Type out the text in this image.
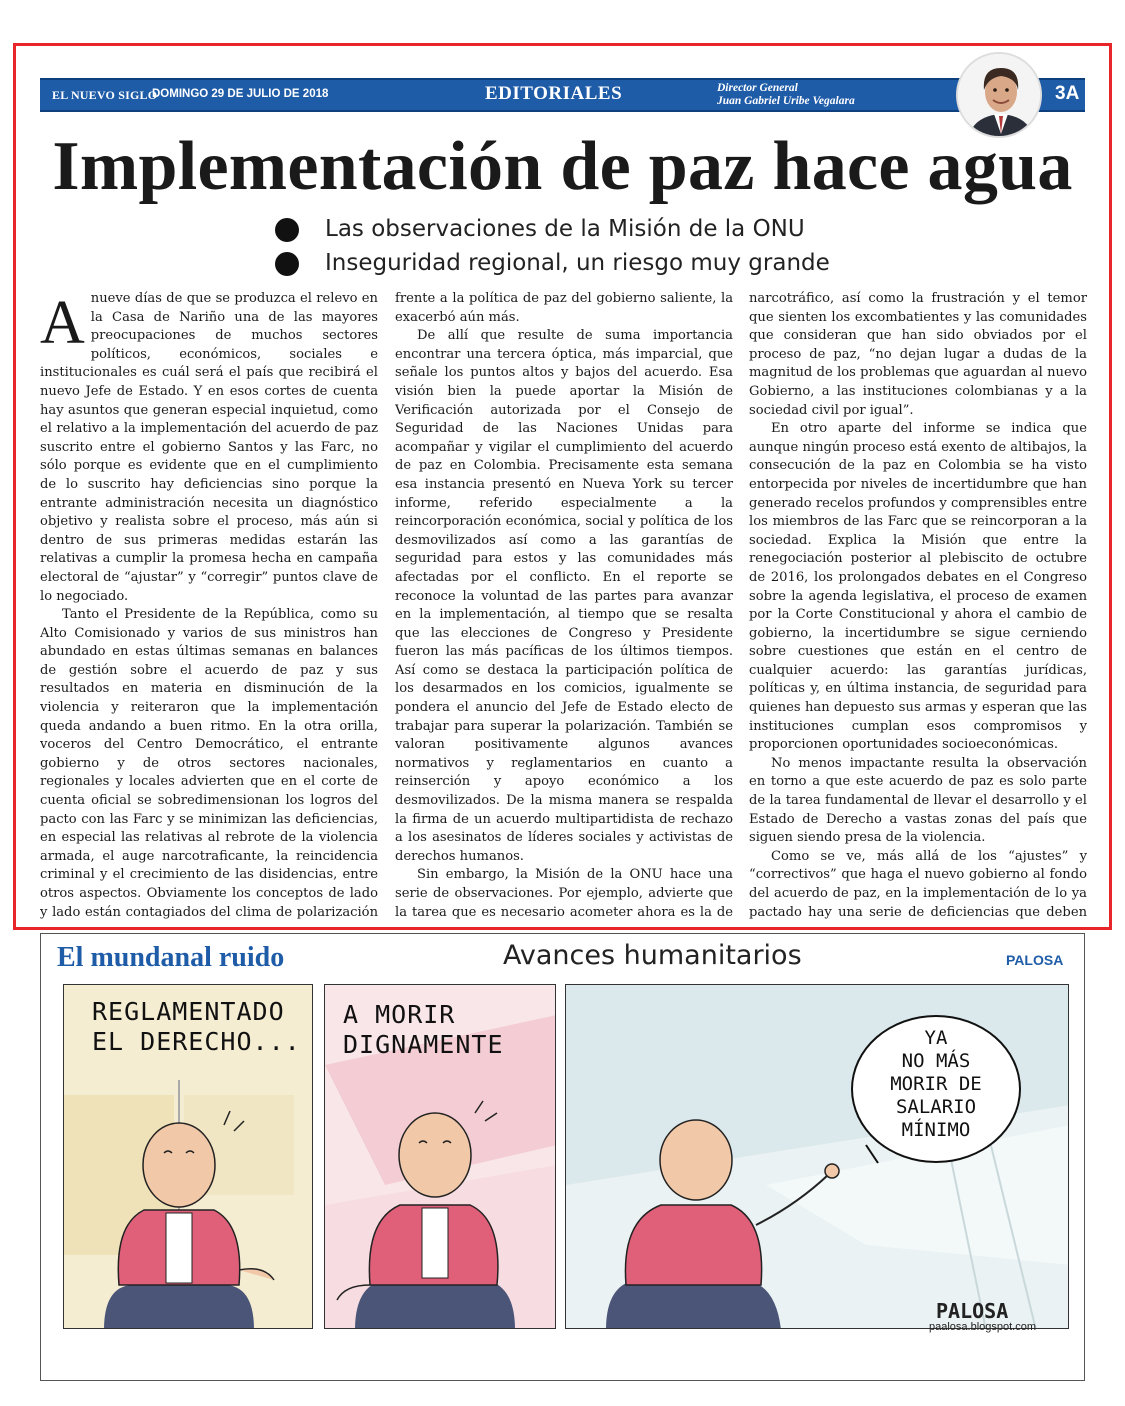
EL NUEVO SIGLO
DOMINGO 29 DE JULIO DE 2018	EDITORIALES	Director General
Juan Gabriel Uribe Vegalara	3A
Implementación de paz hace agua
Las observaciones de la Misión de la ONU
Inseguridad regional, un riesgo muy grande

Anueve días de que se produzca el relevo en la Casa de Nariño una de las mayores preocupaciones de muchos sectores políticos, económicos, sociales e institucionales es cuál será el país que recibirá el nuevo Jefe de Estado. Y en esos cortes de cuenta hay asuntos que generan especial inquietud, como el relativo a la implementación del acuerdo de paz suscrito entre el gobierno Santos y las Farc, no sólo porque es evidente que en el cumplimiento de lo suscrito hay deficiencias sino porque la entrante administración necesita un diagnóstico objetivo y realista sobre el proceso, más aún si dentro de sus primeras medidas estarán las relativas a cumplir la promesa hecha en campaña electoral de “ajustar” y “corregir” puntos clave de lo negociado.

Tanto el Presidente de la República, como su Alto Comisionado y varios de sus ministros han abundado en estas últimas semanas en balances de gestión sobre el acuerdo de paz y sus resultados en materia en disminución de la violencia y reiteraron que la implementación queda andando a buen ritmo. En la otra orilla, voceros del Centro Democrático, el entrante gobierno y de otros sectores nacionales, regionales y locales advierten que en el corte de cuenta oficial se sobredimensionan los logros del pacto con las Farc y se minimizan las deficiencias, en especial las relativas al rebrote de la violencia armada, el auge narcotraficante, la reincidencia criminal y el crecimiento de las disidencias, entre otros aspectos. Obviamente los conceptos de lado y lado están contagiados del clima de polarización

frente a la política de paz del gobierno saliente, la exacerbó aún más.

De allí que resulte de suma importancia encontrar una tercera óptica, más imparcial, que señale los puntos altos y bajos del acuerdo. Esa visión bien la puede aportar la Misión de Verificación autorizada por el Consejo de Seguridad de las Naciones Unidas para acompañar y vigilar el cumplimiento del acuerdo de paz en Colombia. Precisamente esta semana esa instancia presentó en Nueva York su tercer informe, referido especialmente a la reincorporación económica, social y política de los desmovilizados así como a las garantías de seguridad para estos y las comunidades más afectadas por el conflicto. En el reporte se reconoce la voluntad de las partes para avanzar en la implementación, al tiempo que se resalta que las elecciones de Congreso y Presidente fueron las más pacíficas de los últimos tiempos. Así como se destaca la participación política de los desarmados en los comicios, igualmente se pondera el anuncio del Jefe de Estado electo de trabajar para superar la polarización. También se valoran positivamente algunos avances normativos y reglamentarios en cuanto a reinserción y apoyo económico a los desmovilizados. De la misma manera se respalda la firma de un acuerdo multipartidista de rechazo a los asesinatos de líderes sociales y activistas de derechos humanos.

Sin embargo, la Misión de la ONU hace una serie de observaciones. Por ejemplo, advierte que la tarea que es necesario acometer ahora es la de

narcotráfico, así como la frustración y el temor que sienten los excombatientes y las comunidades que consideran que han sido obviados por el proceso de paz, “no dejan lugar a dudas de la magnitud de los problemas que aguardan al nuevo Gobierno, a las instituciones colombianas y a la sociedad civil por igual”.

En otro aparte del informe se indica que aunque ningún proceso está exento de altibajos, la consecución de la paz en Colombia se ha visto entorpecida por niveles de incertidumbre que han generado recelos profundos y comprensibles entre los miembros de las Farc que se reincorporan a la sociedad. Explica la Misión que entre la renegociación posterior al plebiscito de octubre de 2016, los prolongados debates en el Congreso sobre la agenda legislativa, el proceso de examen por la Corte Constitucional y ahora el cambio de gobierno, la incertidumbre se sigue cerniendo sobre cuestiones que están en el centro de cualquier acuerdo: las garantías jurídicas, políticas y, en última instancia, de seguridad para quienes han depuesto sus armas y esperan que las instituciones cumplan esos compromisos y proporcionen oportunidades socioeconómicas.

No menos impactante resulta la observación en torno a que este acuerdo de paz es solo parte de la tarea fundamental de llevar el desarrollo y el Estado de Derecho a vastas zonas del país que siguen siendo presa de la violencia.

Como se ve, más allá de los “ajustes” y “correctivos” que haga el nuevo gobierno al fondo del acuerdo de paz, en la implementación de lo ya pactado hay una serie de deficiencias que deben

El mundanal ruido	Avances humanitarios	PALOSA
REGLAMENTADO
EL DERECHO...
A MORIR
DIGNAMENTE	YA
NO MÁS
MORIR DE
SALARIO
MÍNIMO
PALOSA
paalosa.blogspot.com
